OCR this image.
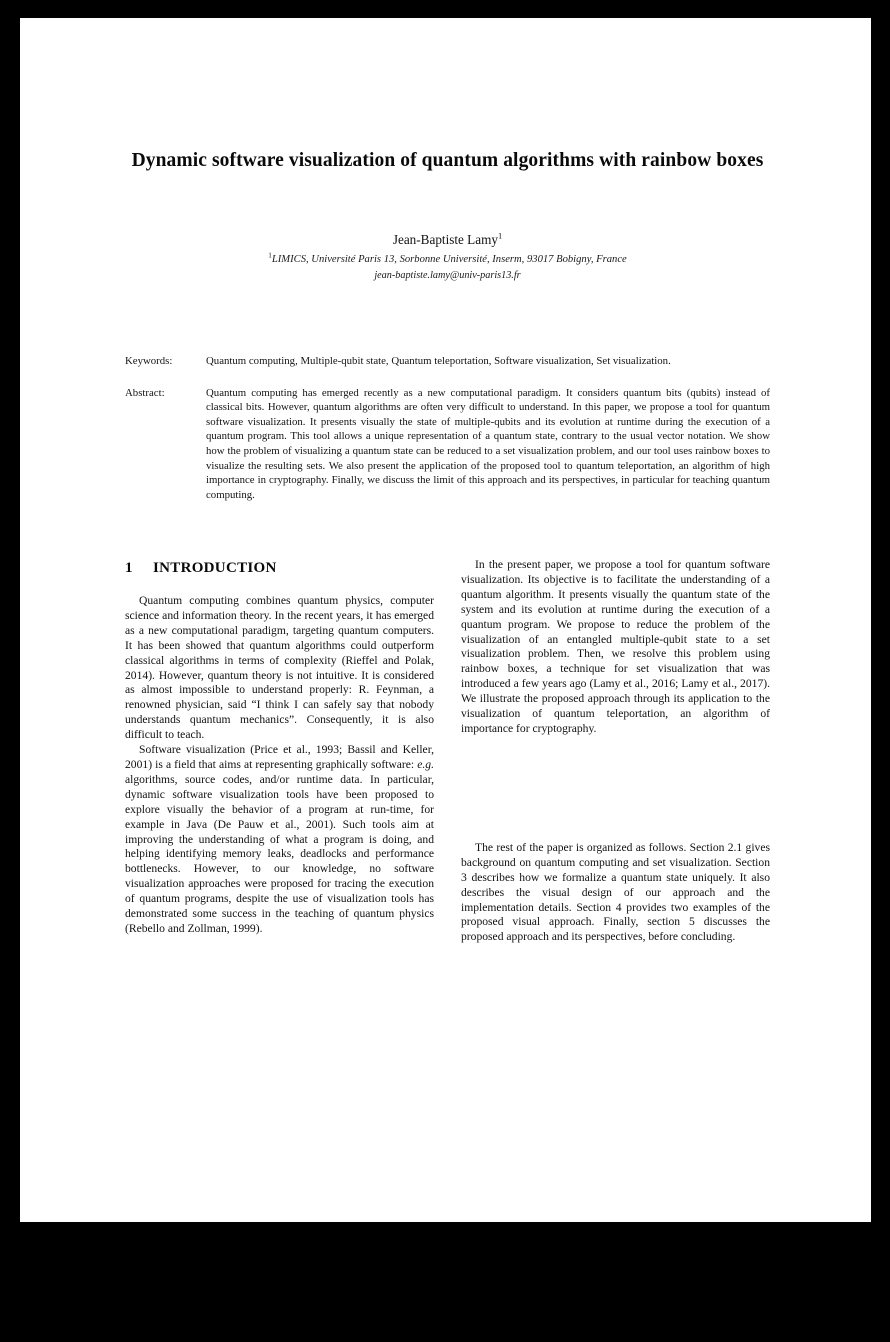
Dynamic software visualization of quantum algorithms with rainbow boxes
Jean-Baptiste Lamy$^1$
$^1$LIMICS, Université Paris 13, Sorbonne Université, Inserm, 93017 Bobigny, France
jean-baptiste.lamy@univ-paris13.fr
Keywords:	Quantum computing, Multiple-qubit state, Quantum teleportation, Software visualization, Set visualization.
Abstract:	Quantum computing has emerged recently as a new computational paradigm. It considers quantum bits (qubits) instead of classical bits. However, quantum algorithms are often very difficult to understand. In this paper, we propose a tool for quantum software visualization. It presents visually the state of multiple-qubits and its evolution at runtime during the execution of a quantum program. This tool allows a unique representation of a quantum state, contrary to the usual vector notation. We show how the problem of visualizing a quantum state can be reduced to a set visualization problem, and our tool uses rainbow boxes to visualize the resulting sets. We also present the application of the proposed tool to quantum teleportation, an algorithm of high importance in cryptography. Finally, we discuss the limit of this approach and its perspectives, in particular for teaching quantum computing.
1	INTRODUCTION

Quantum computing combines quantum physics, computer science and information theory. In the recent years, it has emerged as a new computational paradigm, targeting quantum computers. It has been showed that quantum algorithms could outperform classical algorithms in terms of complexity (Rieffel and Polak, 2014). However, quantum theory is not intuitive. It is considered as almost impossible to understand properly: R. Feynman, a renowned physician, said “I think I can safely say that nobody understands quantum mechanics”. Consequently, it is also difficult to teach.

Software visualization (Price et al., 1993; Bassil and Keller, 2001) is a field that aims at representing graphically software: e.g. algorithms, source codes, and/or runtime data. In particular, dynamic software visualization tools have been proposed to explore visually the behavior of a program at run-time, for example in Java (De Pauw et al., 2001). Such tools aim at improving the understanding of what a program is doing, and helping identifying memory leaks, deadlocks and performance bottlenecks. However, to our knowledge, no software visualization approaches were proposed for tracing the execution of quantum programs, despite the use of visualization tools has demonstrated some success in the teaching of quantum physics (Rebello and Zollman, 1999).

In the present paper, we propose a tool for quantum software visualization. Its objective is to facilitate the understanding of a quantum algorithm. It presents visually the quantum state of the system and its evolution at runtime during the execution of a quantum program. We propose to reduce the problem of the visualization of an entangled multiple-qubit state to a set visualization problem. Then, we resolve this problem using rainbow boxes, a technique for set visualization that was introduced a few years ago (Lamy et al., 2016; Lamy et al., 2017). We illustrate the proposed approach through its application to the visualization of quantum teleportation, an algorithm of importance for cryptography.

The rest of the paper is organized as follows. Section 2.1 gives background on quantum computing and set visualization. Section 3 describes how we formalize a quantum state uniquely. It also describes the visual design of our approach and the implementation details. Section 4 provides two examples of the proposed visual approach. Finally, section 5 discusses the proposed approach and its perspectives, before concluding.
